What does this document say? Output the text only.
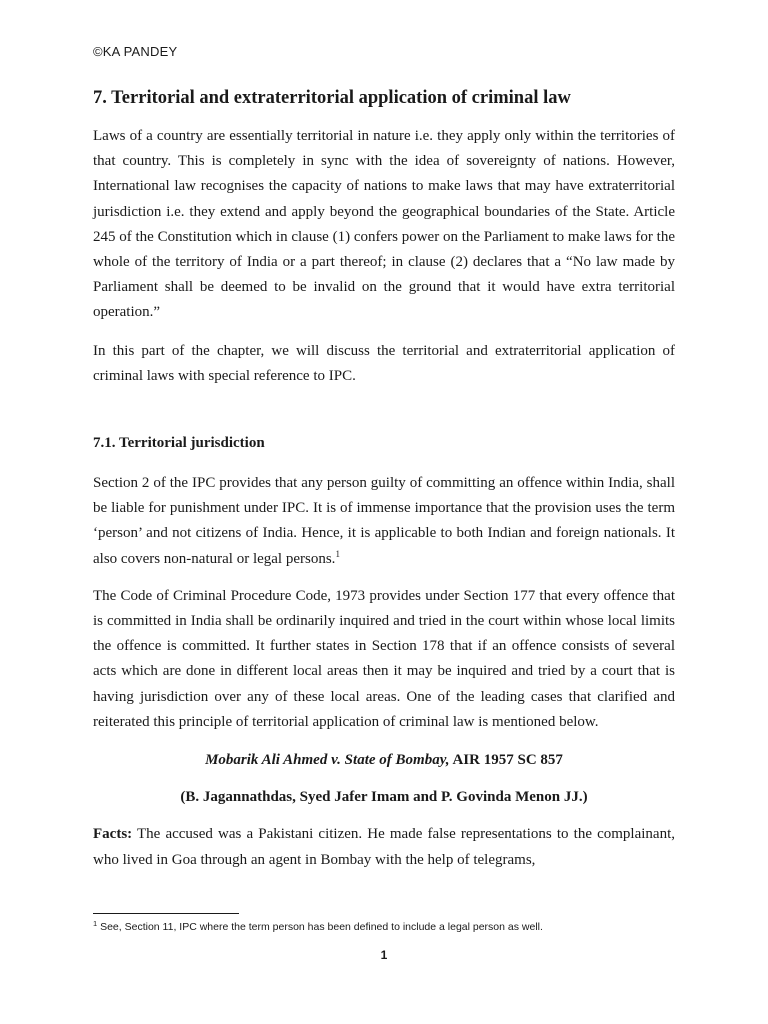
©KA PANDEY
7. Territorial and extraterritorial application of criminal law

Laws of a country are essentially territorial in nature i.e. they apply only within the territories of that country. This is completely in sync with the idea of sovereignty of nations. However, International law recognises the capacity of nations to make laws that may have extraterritorial jurisdiction i.e. they extend and apply beyond the geographical boundaries of the State. Article 245 of the Constitution which in clause (1) confers power on the Parliament to make laws for the whole of the territory of India or a part thereof; in clause (2) declares that a “No law made by Parliament shall be deemed to be invalid on the ground that it would have extra territorial operation.”

In this part of the chapter, we will discuss the territorial and extraterritorial application of criminal laws with special reference to IPC.

7.1. Territorial jurisdiction

Section 2 of the IPC provides that any person guilty of committing an offence within India, shall be liable for punishment under IPC. It is of immense importance that the provision uses the term ‘person’ and not citizens of India. Hence, it is applicable to both Indian and foreign nationals. It also covers non-natural or legal persons.$^1$

The Code of Criminal Procedure Code, 1973 provides under Section 177 that every offence that is committed in India shall be ordinarily inquired and tried in the court within whose local limits the offence is committed. It further states in Section 178 that if an offence consists of several acts which are done in different local areas then it may be inquired and tried by a court that is having jurisdiction over any of these local areas. One of the leading cases that clarified and reiterated this principle of territorial application of criminal law is mentioned below.

Mobarik Ali Ahmed v. State of Bombay, AIR 1957 SC 857

(B. Jagannathdas, Syed Jafer Imam and P. Govinda Menon JJ.)

Facts: The accused was a Pakistani citizen. He made false representations to the complainant, who lived in Goa through an agent in Bombay with the help of telegrams,

$^1$ See, Section 11, IPC where the term person has been defined to include a legal person as well.
1
